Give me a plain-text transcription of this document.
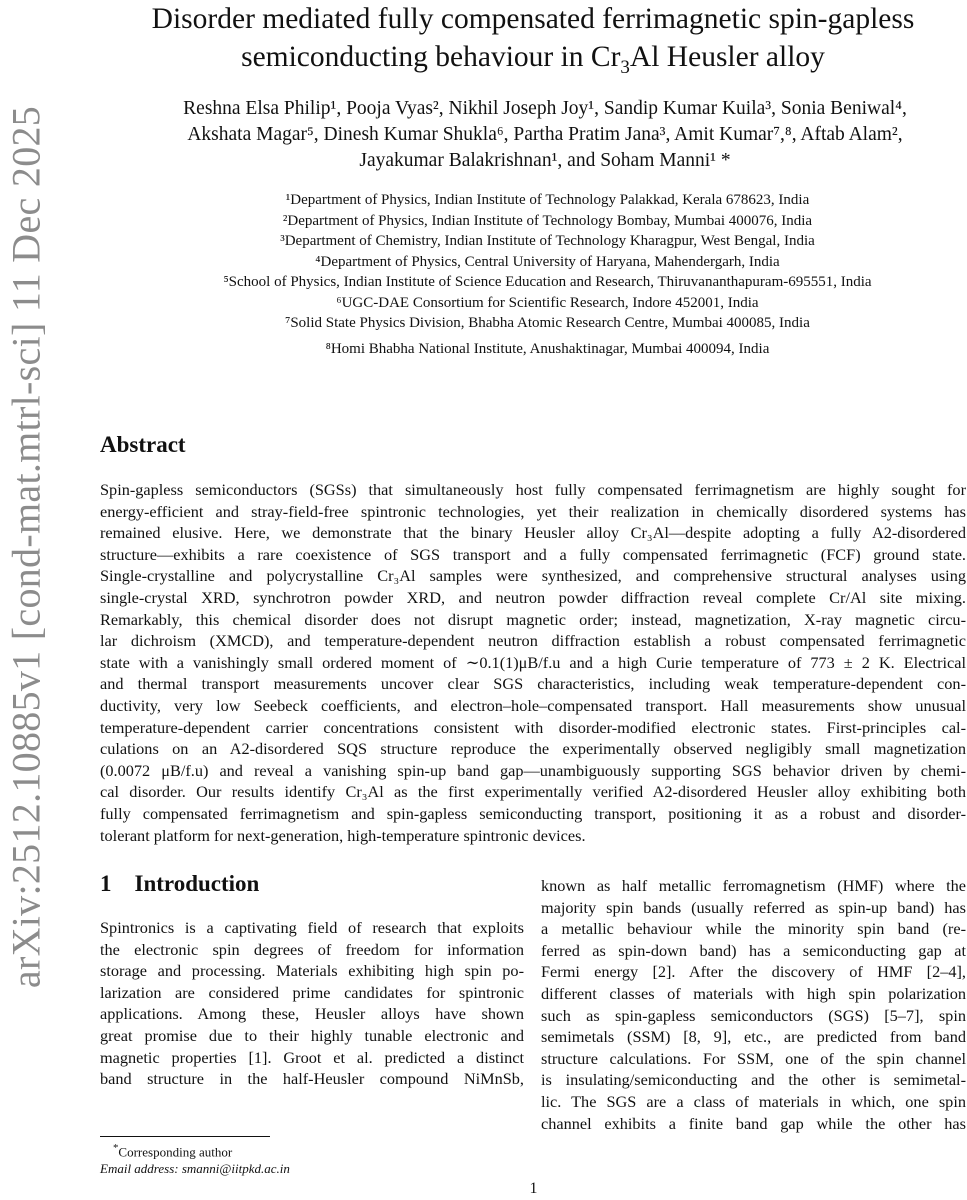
arXiv:2512.10885v1 [cond-mat.mtrl-sci] 11 Dec 2025
Disorder mediated fully compensated ferrimagnetic spin-gapless
semiconducting behaviour in $Cr_3Al$ Heusler alloy
Reshna Elsa Philip¹, Pooja Vyas², Nikhil Joseph Joy¹, Sandip Kumar Kuila³, Sonia Beniwal⁴,
Akshata Magar⁵, Dinesh Kumar Shukla⁶, Partha Pratim Jana³, Amit Kumar⁷,⁸, Aftab Alam²,
Jayakumar Balakrishnan¹, and Soham Manni¹ *
¹Department of Physics, Indian Institute of Technology Palakkad, Kerala 678623, India
²Department of Physics, Indian Institute of Technology Bombay, Mumbai 400076, India
³Department of Chemistry, Indian Institute of Technology Kharagpur, West Bengal, India
⁴Department of Physics, Central University of Haryana, Mahendergarh, India
⁵School of Physics, Indian Institute of Science Education and Research, Thiruvananthapuram-695551, India
⁶UGC-DAE Consortium for Scientific Research, Indore 452001, India
⁷Solid State Physics Division, Bhabha Atomic Research Centre, Mumbai 400085, India
⁸Homi Bhabha National Institute, Anushaktinagar, Mumbai 400094, India
Abstract
Spin-gapless semiconductors (SGSs) that simultaneously host fully compensated ferrimagnetism are highly sought for
energy-efficient and stray-field-free spintronic technologies, yet their realization in chemically disordered systems has
remained elusive. Here, we demonstrate that the binary Heusler alloy Cr₃Al—despite adopting a fully A2-disordered
structure—exhibits a rare coexistence of SGS transport and a fully compensated ferrimagnetic (FCF) ground state.
Single-crystalline and polycrystalline Cr₃Al samples were synthesized, and comprehensive structural analyses using
single-crystal XRD, synchrotron powder XRD, and neutron powder diffraction reveal complete Cr/Al site mixing.
Remarkably, this chemical disorder does not disrupt magnetic order; instead, magnetization, X-ray magnetic circu-
lar dichroism (XMCD), and temperature-dependent neutron diffraction establish a robust compensated ferrimagnetic
state with a vanishingly small ordered moment of ∼0.1(1)μB/f.u and a high Curie temperature of 773 ± 2 K. Electrical
and thermal transport measurements uncover clear SGS characteristics, including weak temperature-dependent con-
ductivity, very low Seebeck coefficients, and electron–hole–compensated transport. Hall measurements show unusual
temperature-dependent carrier concentrations consistent with disorder-modified electronic states. First-principles cal-
culations on an A2-disordered SQS structure reproduce the experimentally observed negligibly small magnetization
(0.0072 μB/f.u) and reveal a vanishing spin-up band gap—unambiguously supporting SGS behavior driven by chemi-
cal disorder. Our results identify Cr₃Al as the first experimentally verified A2-disordered Heusler alloy exhibiting both
fully compensated ferrimagnetism and spin-gapless semiconducting transport, positioning it as a robust and disorder-
tolerant platform for next-generation, high-temperature spintronic devices.
1 Introduction
Spintronics is a captivating field of research that exploits
the electronic spin degrees of freedom for information
storage and processing. Materials exhibiting high spin po-
larization are considered prime candidates for spintronic
applications. Among these, Heusler alloys have shown
great promise due to their highly tunable electronic and
magnetic properties [1]. Groot et al. predicted a distinct
band structure in the half-Heusler compound NiMnSb,
known as half metallic ferromagnetism (HMF) where the
majority spin bands (usually referred as spin-up band) has
a metallic behaviour while the minority spin band (re-
ferred as spin-down band) has a semiconducting gap at
Fermi energy [2]. After the discovery of HMF [2–4],
different classes of materials with high spin polarization
such as spin-gapless semiconductors (SGS) [5–7], spin
semimetals (SSM) [8, 9], etc., are predicted from band
structure calculations. For SSM, one of the spin channel
is insulating/semiconducting and the other is semimetal-
lic. The SGS are a class of materials in which, one spin
channel exhibits a finite band gap while the other has
*Corresponding author
Email address: smanni@iitpkd.ac.in
1
